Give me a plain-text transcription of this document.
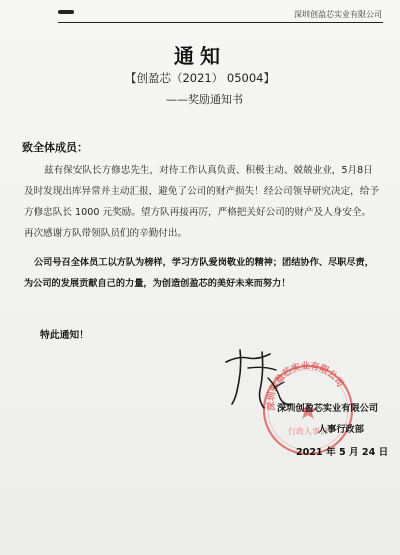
深圳创盈芯实业有限公司
通知
【创盈芯（2021） 05004】
——奖励通知书
致全体成员：
兹有保安队长方修忠先生，对待工作认真负责、积极主动、兢兢业业，5月8日及时发现出库异常并主动汇报，避免了公司的财产损失！经公司领导研究决定，给予方修忠队长 1000 元奖励。望方队再接再厉，严格把关好公司的财产及人身安全。再次感谢方队带领队员们的辛勤付出。
公司号召全体员工以方队为榜样，学习方队爱岗敬业的精神；团结协作、尽职尽责，为公司的发展贡献自己的力量，为创造创盈芯的美好未来而努力！
特此通知！
深圳创盈芯实业有限公司
行政人事部
深圳创盈芯实业有限公司
人事行政部
2021 年 5 月 24 日
